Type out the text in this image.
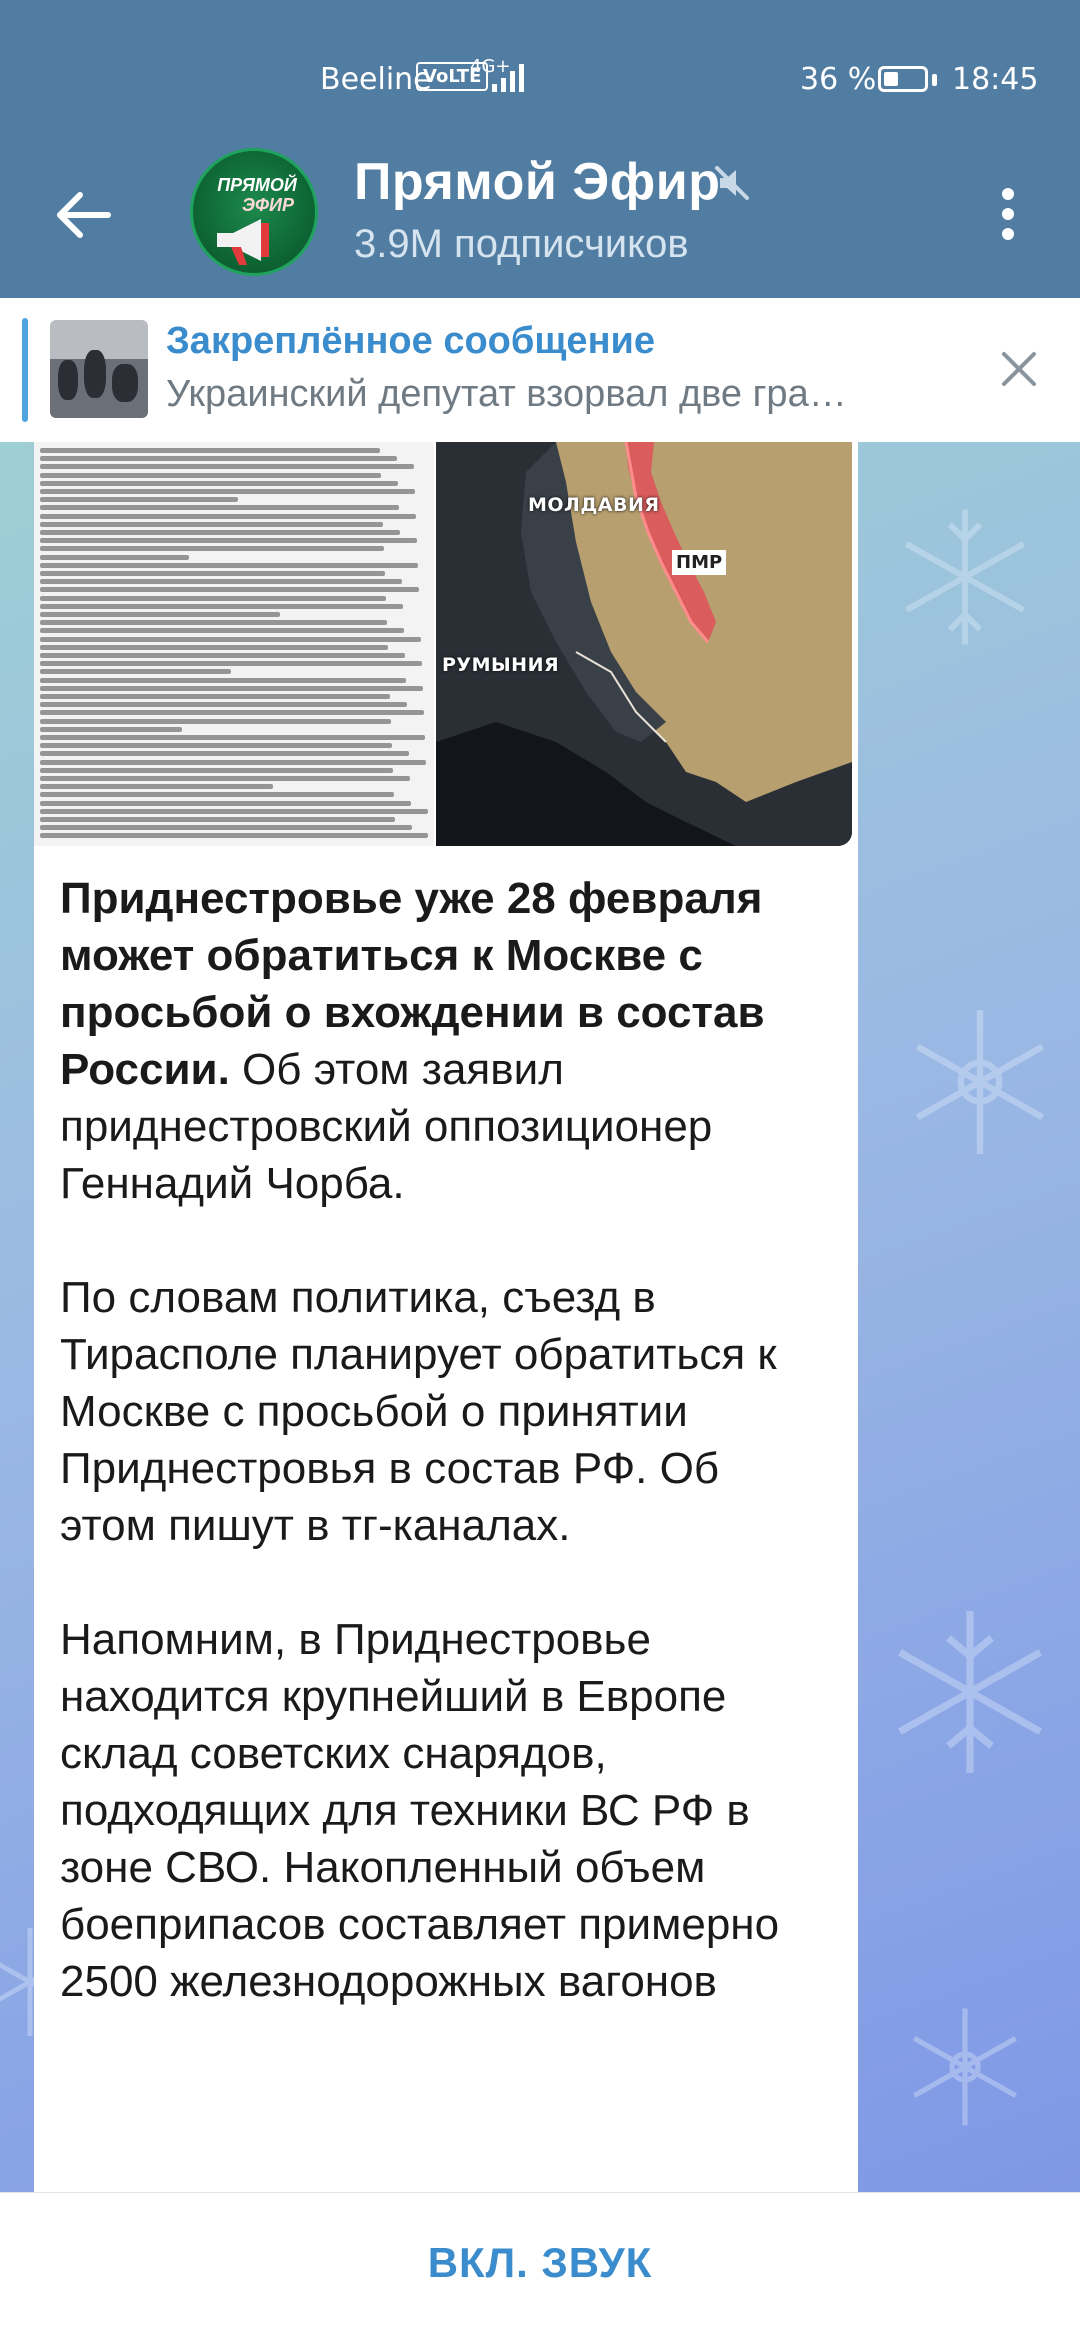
Beeline
VoLTE
4G+	36 %	18:45
ПРЯМОЙ
ЭФИР	Прямой Эфир
3.9M подписчиков
Закреплённое сообщение
Украинский депутат взорвал две гра…
МОЛДАВИЯ
ПМР
РУМЫНИЯ

Приднестровье уже 28 февраля может обратиться к Москве с просьбой о вхождении в состав России. Об этом заявил приднестровский оппозиционер Геннадий Чорба.

По словам политика, съезд в Тирасполе планирует обратиться к Москве с просьбой о принятии Приднестровья в состав РФ. Об этом пишут в тг-каналах.

Напомним, в Приднестровье находится крупнейший в Европе склад советских снарядов, подходящих для техники ВС РФ в зоне СВО. Накопленный объем боеприпасов составляет примерно 2500 железнодорожных вагонов

ВКЛ. ЗВУК
